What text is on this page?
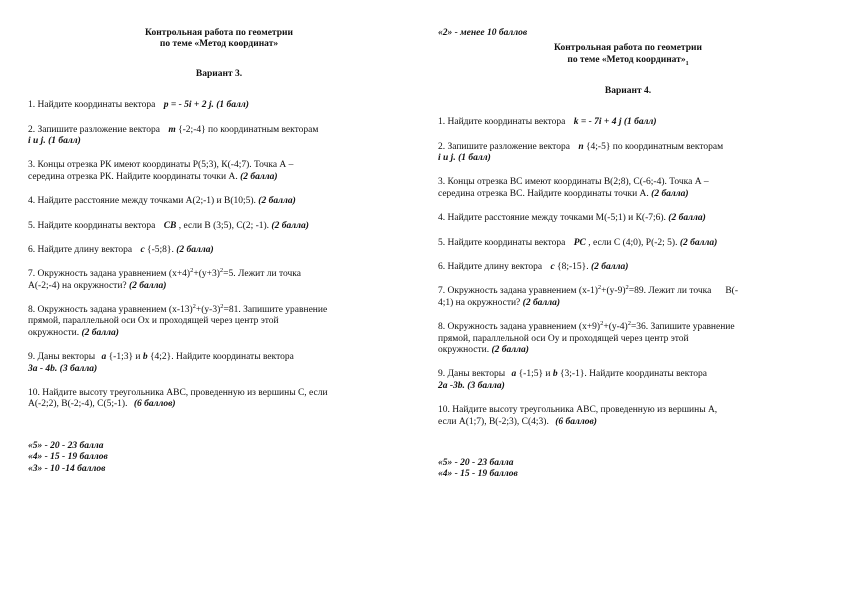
Контрольная работа по геометрии
по теме «Метод координат»
Вариант 3.
1. Найдите координаты вектора p = - 5i + 2 j. (1 балл)
2. Запишите разложение вектора m {-2;-4} по координатным векторам
i и j. (1 балл)
3. Концы отрезка РК имеют координаты Р(5;3), К(-4;7). Точка А –
середина отрезка РК. Найдите координаты точки А. (2 балла)
4. Найдите расстояние между точками А(2;-1) и В(10;5). (2 балла)
5. Найдите координаты вектора CB , если В (3;5), С(2; -1). (2 балла)
6. Найдите длину вектора c {-5;8}. (2 балла)
7. Окружность задана уравнением $(х+4)^2+(у+3)^2=5$. Лежит ли точка
А(-2;-4) на окружности? (2 балла)
8. Окружность задана уравнением $(х-13)^2+(у-3)^2=81$. Запишите уравнение
прямой, параллельной оси Ох и проходящей через центр этой
окружности. (2 балла)
9. Даны векторы a {-1;3} и b {4;2}. Найдите координаты вектора
3a - 4b. (3 балла)
10. Найдите высоту треугольника АВС, проведенную из вершины С, если
А(-2;2), В(-2;-4), С(5;-1). (6 баллов)
«5» - 20 - 23 балла
«4» - 15 - 19 баллов
«3» - 10 -14 баллов
«2» - менее 10 баллов
Контрольная работа по геометрии
по теме «Метод $координат»_1$
Вариант 4.
1. Найдите координаты вектора k = - 7i + 4 j (1 балл)
2. Запишите разложение вектора n {4;-5} по координатным векторам
i и j. (1 балл)
3. Концы отрезка ВС имеют координаты В(2;8), С(-6;-4). Точка А –
середина отрезка ВС. Найдите координаты точки А. (2 балла)
4. Найдите расстояние между точками М(-5;1) и К(-7;6). (2 балла)
5. Найдите координаты вектора PC , если С (4;0), Р(-2; 5). (2 балла)
6. Найдите длину вектора c {8;-15}. (2 балла)
7. Окружность задана уравнением $(х-1)^2+(у-9)^2=89$. Лежит ли точка В(-
4;1) на окружности? (2 балла)
8. Окружность задана уравнением $(х+9)^2+(у-4)^2=36$. Запишите уравнение
прямой, параллельной оси Оу и проходящей через центр этой
окружности. (2 балла)
9. Даны векторы a {-1;5} и b {3;-1}. Найдите координаты вектора
2a -3b. (3 балла)
10. Найдите высоту треугольника АВС, проведенную из вершины А,
если А(1;7), В(-2;3), С(4;3). (6 баллов)
«5» - 20 - 23 балла
«4» - 15 - 19 баллов
